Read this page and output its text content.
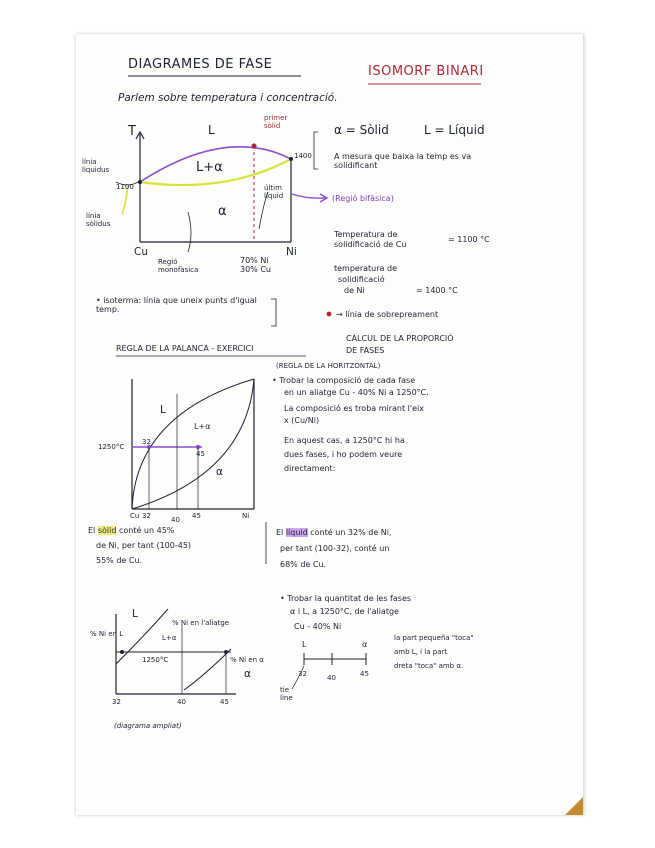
DIAGRAMES DE FASE	ISOMORF BINARI
Parlem sobre temperatura i concentració.
T	L
L+α
α
primer sòlid
línia liquidus
1100
1400
línia sòlidus
últim líquid
Cu	Ni
Regió monofàsica
70% Ni 30% Cu
α = Sòlid	L = Líquid
A mesura que baixa la temp es va solidificant
(Regió bifàsica)
Temperatura de
solidificació de Cu
= 1100 °C
temperatura de
solidificació
de Ni	= 1400 °C
→ línia de sobrepreament
• isoterma: línia que uneix punts d'igual temp.
REGLA DE LA PALANCA - EXERCICI
CÀLCUL DE LA PROPORCIÓ
DE FASES
(REGLA DE LA HORITZONTAL)
• Trobar la composició de cada fase
en un aliatge Cu - 40% Ni a 1250°C.
La composició es troba mirant l'eix
x (Cu/Ni)
En aquest cas, a 1250°C hi ha
dues fases, i ho podem veure
directament:
L
L+α
α
1250°C
32
45
Cu 32	40 45	Ni
El sòlid conté un 45%
de Ni, per tant (100-45)
55% de Cu.
El líquid conté un 32% de Ni,
per tant (100-32), conté un
68% de Cu.
L
% Ni en L
% Ni en l'aliatge
L+α
1250°C	% Ni en α
α
32	40	45
(diagrama ampliat)
• Trobar la quantitat de les fases
α i L, a 1250°C, de l'aliatge
Cu - 40% Ni
L	α
32	40	45
tie line
la part pequeña "toca"
amb L, i la part
dreta "toca" amb α.
